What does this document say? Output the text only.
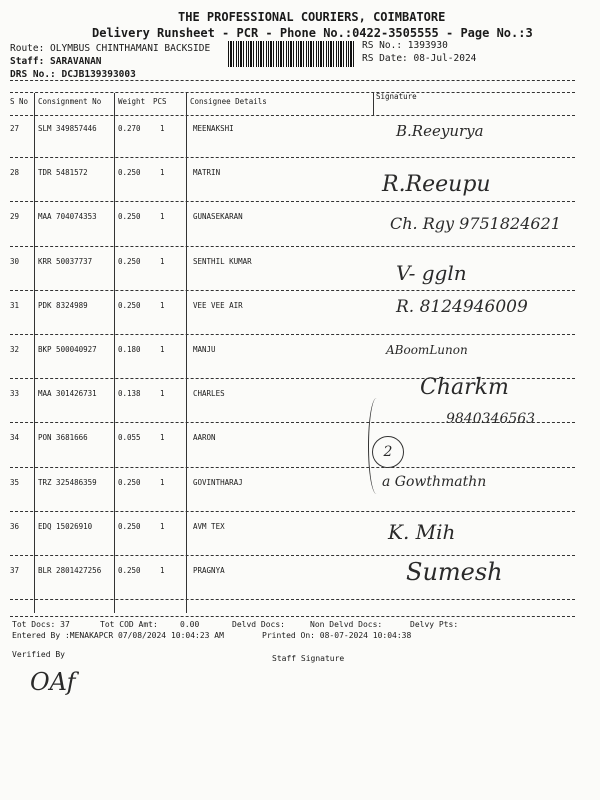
THE PROFESSIONAL COURIERS, COIMBATORE
Delivery Runsheet - PCR - Phone No.:0422-3505555 - Page No.:3
Route: OLYMBUS CHINTHAMANI BACKSIDE
Staff: SARAVANAN
DRS No.: DCJB139393003
RS No.: 1393930
RS Date: 08-Jul-2024
S No Consignment No Weight PCS	Consignee Details
Signature
27	SLM 349857446	0.270	1	MEENAKSHI	B.Reeyurya
28	TDR 5481572	0.250	1	MATRIN	R.Reeupu
29	MAA 704074353	0.250	1	GUNASEKARAN	Ch. Rgy 9751824621
30	KRR 50037737	0.250	1	SENTHIL KUMAR	V- ggln
31	PDK 8324989	0.250	1	VEE VEE AIR	R. 8124946009
32	BKP 500040927	0.180	1	MANJU	ABoomLunon
33	MAA 301426731	0.138	1	CHARLES	Charkm
34	PON 3681666	0.055	1	AARON
9840346563
35	TRZ 325486359	0.250	1	GOVINTHARAJ	a Gowthmathn
36	EDQ 15026910	0.250	1	AVM TEX	K. Mih
37	BLR 2801427256 0.250	1	PRAGNYA	Sumesh
2
Tot Docs: 37	Tot COD Amt:	0.00	Delvd Docs:	Non Delvd Docs:	Delvy Pts:
Entered By :MENAKAPCR 07/08/2024 10:04:23 AM	Printed On: 08-07-2024 10:04:38
Verified By	Staff Signature
OAf
